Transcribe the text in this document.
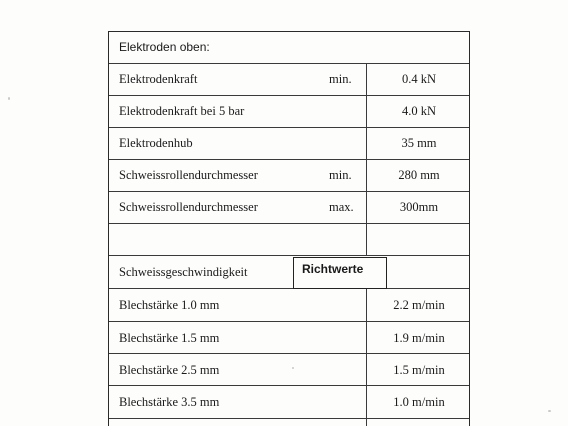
Elektroden oben:
Elektrodenkraft	min.	0.4 kN
Elektrodenkraft bei 5 bar	4.0 kN
Elektrodenhub	35 mm
Schweissrollendurchmesser	min.	280 mm
Schweissrollendurchmesser	max.	300mm
Schweissgeschwindigkeit
Blechstärke 1.0 mm	2.2 m/min
Blechstärke 1.5 mm	1.9 m/min
Blechstärke 2.5 mm	1.5 m/min
Blechstärke 3.5 mm	1.0 m/min
Richtwerte
